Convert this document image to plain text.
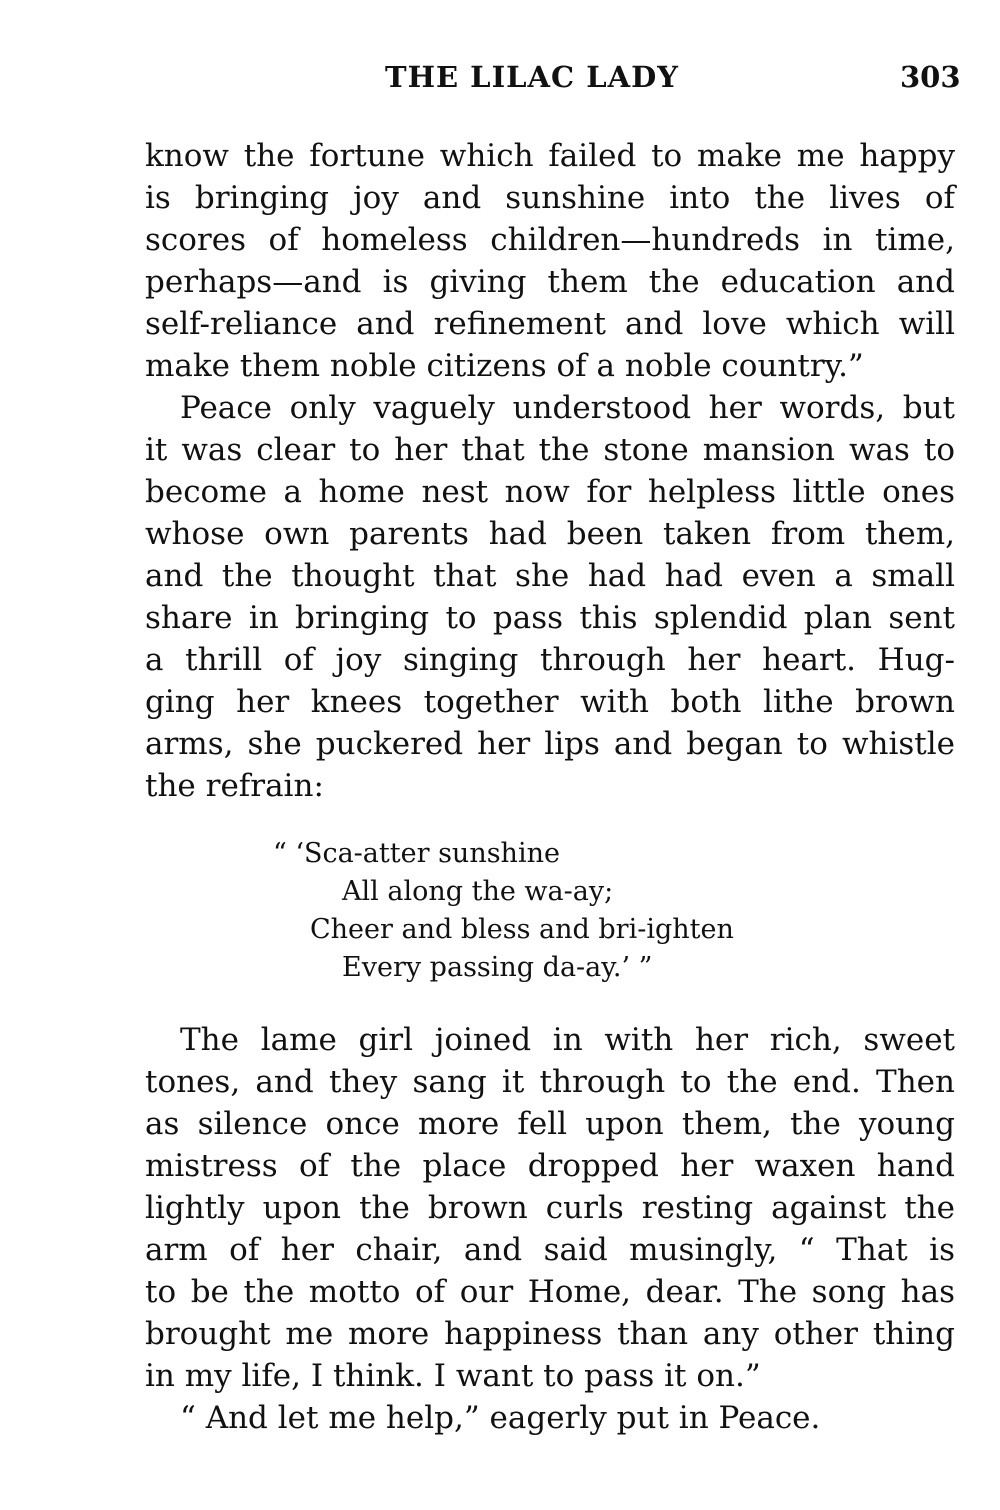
THE LILAC LADY	303
know the fortune which failed to make me happy
is bringing joy and sunshine into the lives of
scores of homeless children—hundreds in time,
perhaps—and is giving them the education and
self-reliance and refinement and love which will
make them noble citizens of a noble country.”
Peace only vaguely understood her words, but
it was clear to her that the stone mansion was to
become a home nest now for helpless little ones
whose own parents had been taken from them,
and the thought that she had had even a small
share in bringing to pass this splendid plan sent
a thrill of joy singing through her heart. Hug-
ging her knees together with both lithe brown
arms, she puckered her lips and began to whistle
the refrain:
“ ‘Sca-atter sunshine
All along the wa-ay;
Cheer and bless and bri-ighten
Every passing da-ay.’ ”
The lame girl joined in with her rich, sweet
tones, and they sang it through to the end. Then
as silence once more fell upon them, the young
mistress of the place dropped her waxen hand
lightly upon the brown curls resting against the
arm of her chair, and said musingly, “ That is
to be the motto of our Home, dear. The song has
brought me more happiness than any other thing
in my life, I think. I want to pass it on.”
“ And let me help,” eagerly put in Peace.
